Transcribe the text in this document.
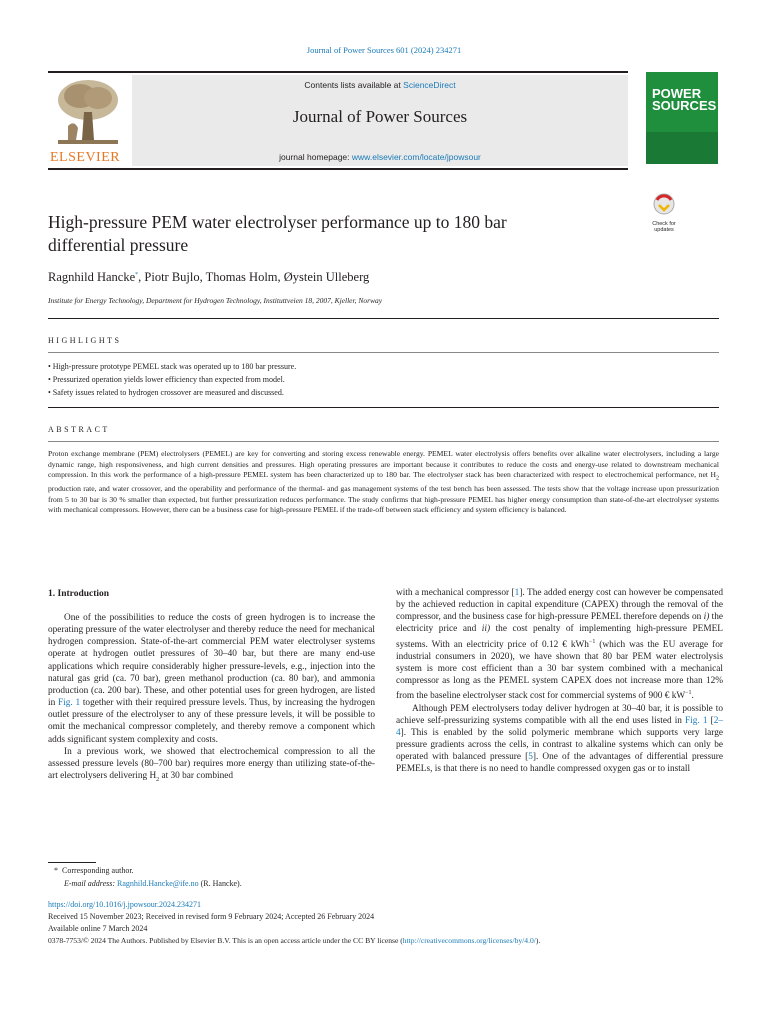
Journal of Power Sources 601 (2024) 234271
Contents lists available at ScienceDirect
Journal of Power Sources
journal homepage: www.elsevier.com/locate/jpowsour
ELSEVIER
POWER
SOURCES
High-pressure PEM water electrolyser performance up to 180 bar
differential pressure
Check for updates
Ragnhild Hancke*, Piotr Bujlo, Thomas Holm, Øystein Ulleberg
Institute for Energy Technology, Department for Hydrogen Technology, Instituttveien 18, 2007, Kjeller, Norway
HIGHLIGHTS
• High-pressure prototype PEMEL stack was operated up to 180 bar pressure.
• Pressurized operation yields lower efficiency than expected from model.
• Safety issues related to hydrogen crossover are measured and discussed.
ABSTRACT
Proton exchange membrane (PEM) electrolysers (PEMEL) are key for converting and storing excess renewable energy. PEMEL water electrolysis offers benefits over alkaline water electrolysers, including a large dynamic range, high responsiveness, and high current densities and pressures. High operating pressures are important because it contributes to reduce the costs and energy-use related to downstream mechanical compression. In this work the performance of a high-pressure PEMEL system has been characterized up to 180 bar. The electrolyser stack has been characterized with respect to electrochemical performance, net $H_2$ production rate, and water crossover, and the operability and performance of the thermal- and gas management systems of the test bench has been assessed. The tests show that the voltage increase upon pressurization from 5 to 30 bar is 30 % smaller than expected, but further pressurization reduces performance. The study confirms that high-pressure PEMEL has higher energy consumption than state-of-the-art electrolyser systems with mechanical compressors. However, there can be a business case for high-pressure PEMEL if the trade-off between stack efficiency and system efficiency is balanced.
1. Introduction

One of the possibilities to reduce the costs of green hydrogen is to increase the operating pressure of the water electrolyser and thereby reduce the need for mechanical hydrogen compression. State-of-the-art commercial PEM water electrolyser systems operate at hydrogen outlet pressures of 30–40 bar, but there are many end-use applications which require considerably higher pressure-levels, e.g., injection into the natural gas grid (ca. 70 bar), green methanol production (ca. 80 bar), and ammonia production (ca. 200 bar). These, and other potential uses for green hydrogen, are listed in Fig. 1 together with their required pressure levels. Thus, by increasing the hydrogen outlet pressure of the electrolyser to any of these pressure levels, it will be possible to omit the mechanical compressor completely, and thereby remove a component which adds significant system complexity and costs.

In a previous work, we showed that electrochemical compression to all the assessed pressure levels (80–700 bar) requires more energy than utilizing state-of-the-art electrolysers delivering $H_2$ at 30 bar combined

with a mechanical compressor [1]. The added energy cost can however be compensated by the achieved reduction in capital expenditure (CAPEX) through the removal of the compressor, and the business case for high-pressure PEMEL therefore depends on i) the electricity price and ii) the cost penalty of implementing high-pressure PEMEL systems. With an electricity price of 0.12 € kWh$^{-1}$ (which was the EU average for industrial consumers in 2020), we have shown that 80 bar PEM water electrolysis system is more cost efficient than a 30 bar system combined with a mechanical compressor as long as the PEMEL system CAPEX does not increase more than 12% from the baseline electrolyser stack cost for commercial systems of 900 € $kW^{-1}$.

Although PEM electrolysers today deliver hydrogen at 30–40 bar, it is possible to achieve self-pressurizing systems compatible with all the end uses listed in Fig. 1 [2–4]. This is enabled by the solid polymeric membrane which supports very large pressure gradients across the cells, in contrast to alkaline systems which can only be operated with balanced pressure [5]. One of the advantages of differential pressure PEMELs, is that there is no need to handle compressed oxygen gas or to install

* Corresponding author.
E-mail address: Ragnhild.Hancke@ife.no (R. Hancke).
https://doi.org/10.1016/j.jpowsour.2024.234271
Received 15 November 2023; Received in revised form 9 February 2024; Accepted 26 February 2024
Available online 7 March 2024
0378-7753/© 2024 The Authors. Published by Elsevier B.V. This is an open access article under the CC BY license (http://creativecommons.org/licenses/by/4.0/).
